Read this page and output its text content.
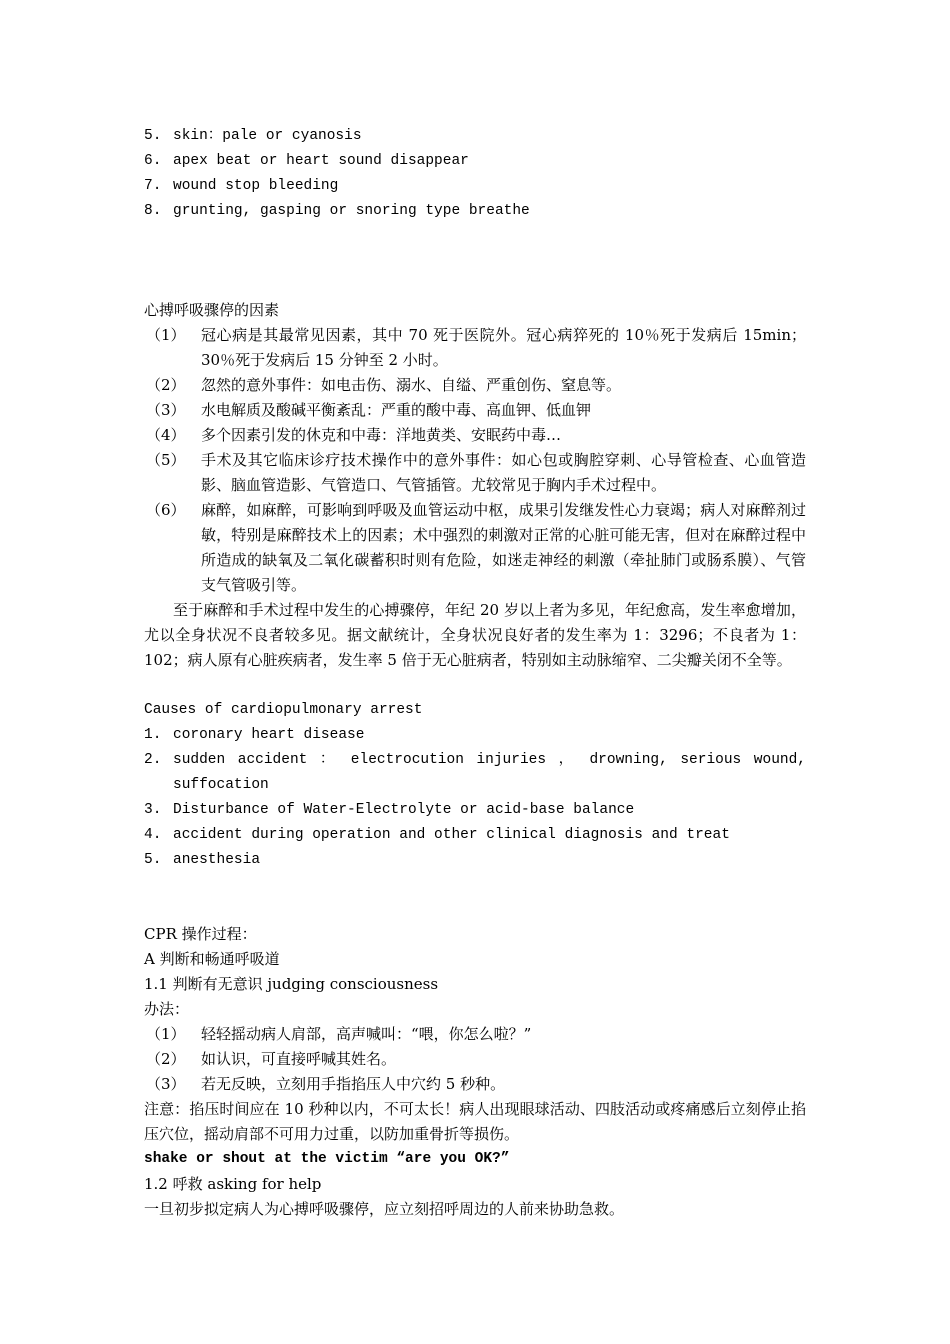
5. skin：pale or cyanosis
6. apex beat or heart sound disappear
7. wound stop bleeding
8. grunting, gasping or snoring type breathe
心搏呼吸骤停的因素
（1） 冠心病是其最常见因素，其中 70 死于医院外。冠心病猝死的 10％死于发病后 15min；30％死于发病后 15 分钟至 2 小时。
（2） 忽然的意外事件：如电击伤、溺水、自缢、严重创伤、窒息等。
（3） 水电解质及酸碱平衡紊乱：严重的酸中毒、高血钾、低血钾
（4） 多个因素引发的休克和中毒：洋地黄类、安眠药中毒…
（5） 手术及其它临床诊疗技术操作中的意外事件：如心包或胸腔穿刺、心导管检查、心血管造影、脑血管造影、气管造口、气管插管。尤较常见于胸内手术过程中。
（6） 麻醉，如麻醉，可影响到呼吸及血管运动中枢，成果引发继发性心力衰竭；病人对麻醉剂过敏，特别是麻醉技术上的因素；术中强烈的刺激对正常的心脏可能无害，但对在麻醉过程中所造成的缺氧及二氧化碳蓄积时则有危险，如迷走神经的刺激（牵扯肺门或肠系膜）、气管支气管吸引等。
至于麻醉和手术过程中发生的心搏骤停，年纪 20 岁以上者为多见，年纪愈高，发生率愈增加，尤以全身状况不良者较多见。据文献统计，全身状况良好者的发生率为 1：3296；不良者为 1：102；病人原有心脏疾病者，发生率 5 倍于无心脏病者，特别如主动脉缩窄、二尖瓣关闭不全等。
Causes of cardiopulmonary arrest
1. coronary heart disease
2. sudden accident ： electrocution injuries ， drowning, serious wound, suffocation
3. Disturbance of Water-Electrolyte or acid-base balance
4. accident during operation and other clinical diagnosis and treat
5. anesthesia
CPR 操作过程：
A 判断和畅通呼吸道
1.1 判断有无意识 judging consciousness
办法：
（1） 轻轻摇动病人肩部，高声喊叫：“喂，你怎么啦？”
（2） 如认识，可直接呼喊其姓名。
（3） 若无反映，立刻用手指掐压人中穴约 5 秒种。
注意：掐压时间应在 10 秒种以内，不可太长！病人出现眼球活动、四肢活动或疼痛感后立刻停止掐压穴位，摇动肩部不可用力过重，以防加重骨折等损伤。
shake or shout at the victim “are you OK?”
1.2 呼救 asking for help
一旦初步拟定病人为心搏呼吸骤停，应立刻招呼周边的人前来协助急救。
